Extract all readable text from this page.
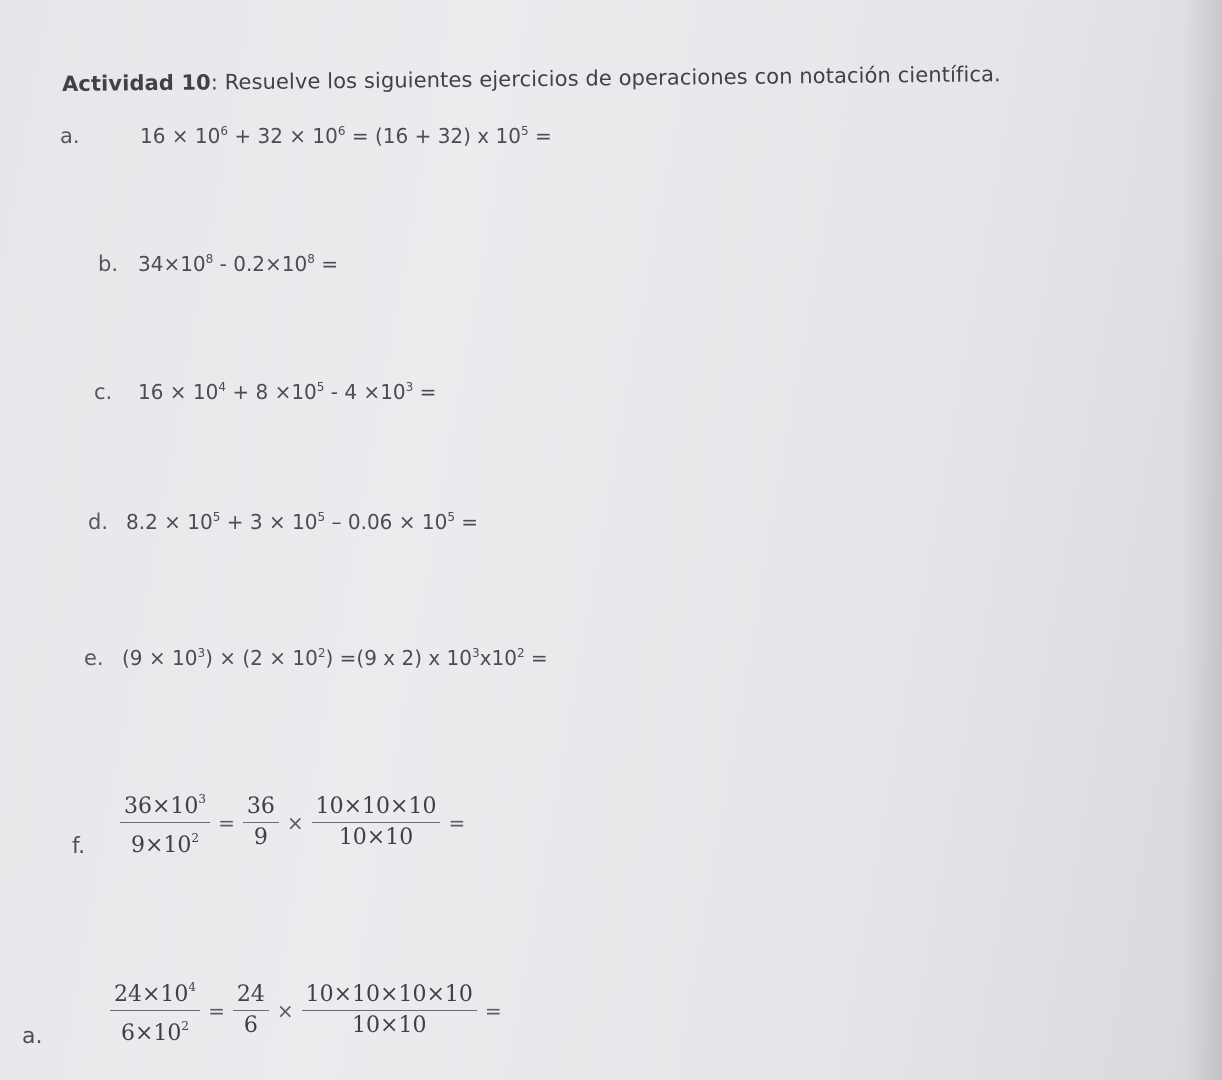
Actividad 10: Resuelve los siguientes ejercicios de operaciones con notación científica.
a.	$16 \times 10^6 + 32 \times 10^6 = (16 + 32)$ x $10^5$ =
b. $34\times 10^8 - 0.2\times 10^8$ =
c. $16 \times 10^4 + 8 \times 10^5 - 4 \times 10^3$ =
d. $8.2 \times 10^5 + 3 \times 10^5 - 0.06 \times 10^5$ =
e. $(9 \times 10^3) \times (2 \times 10^2) =(9$ x 2) x $10^3x10^2$ =
f. $\frac{36\times 10^3}{9\times 10^2} = \frac{36}{9} \times \frac{10\times 10\times 10}{10\times 10}$ =
a.	$\frac{24\times 10^4}{6\times 10^2} = \frac{24}{6} \times \frac{10\times 10\times 10\times 10}{10\times 10}$ =
